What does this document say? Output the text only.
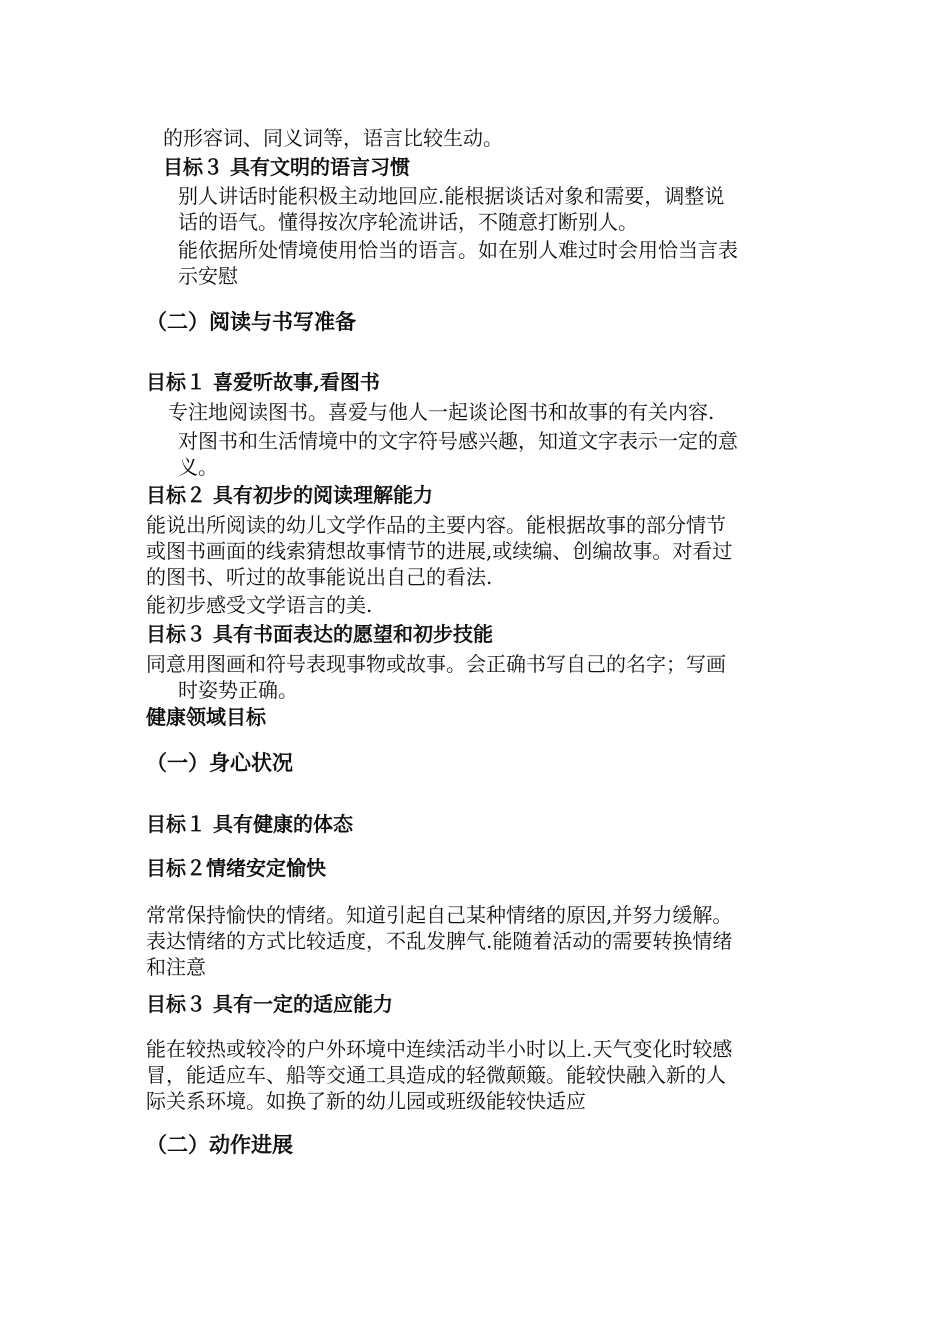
的形容词、同义词等，语言比较生动。
目标３ 具有文明的语言习惯
别人讲话时能积极主动地回应.能根据谈话对象和需要，调整说
话的语气。懂得按次序轮流讲话，不随意打断别人。
能依据所处情境使用恰当的语言。如在别人难过时会用恰当言表
示安慰
（二）阅读与书写准备
目标１ 喜爱听故事,看图书
专注地阅读图书。喜爱与他人一起谈论图书和故事的有关内容.
对图书和生活情境中的文字符号感兴趣，知道文字表示一定的意
义。
目标２ 具有初步的阅读理解能力
能说出所阅读的幼儿文学作品的主要内容。能根据故事的部分情节
或图书画面的线索猜想故事情节的进展,或续编、创编故事。对看过
的图书、听过的故事能说出自己的看法.
能初步感受文学语言的美.
目标３ 具有书面表达的愿望和初步技能
同意用图画和符号表现事物或故事。会正确书写自己的名字；写画
时姿势正确。
健康领域目标
（一）身心状况
目标１ 具有健康的体态
目标２情绪安定愉快
常常保持愉快的情绪。知道引起自己某种情绪的原因,并努力缓解。
表达情绪的方式比较适度，不乱发脾气.能随着活动的需要转换情绪
和注意
目标３ 具有一定的适应能力
能在较热或较冷的户外环境中连续活动半小时以上.天气变化时较感
冒，能适应车、船等交通工具造成的轻微颠簸。能较快融入新的人
际关系环境。如换了新的幼儿园或班级能较快适应
（二）动作进展
